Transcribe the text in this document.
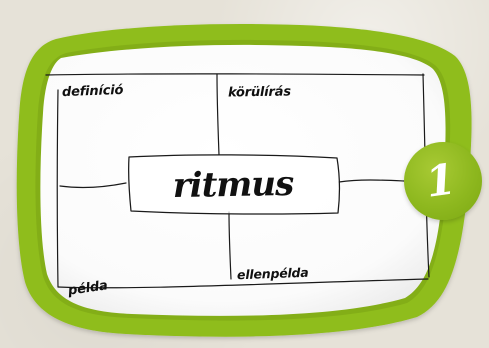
definíció	körülírás

példa

ellenpélda

ritmus	1
